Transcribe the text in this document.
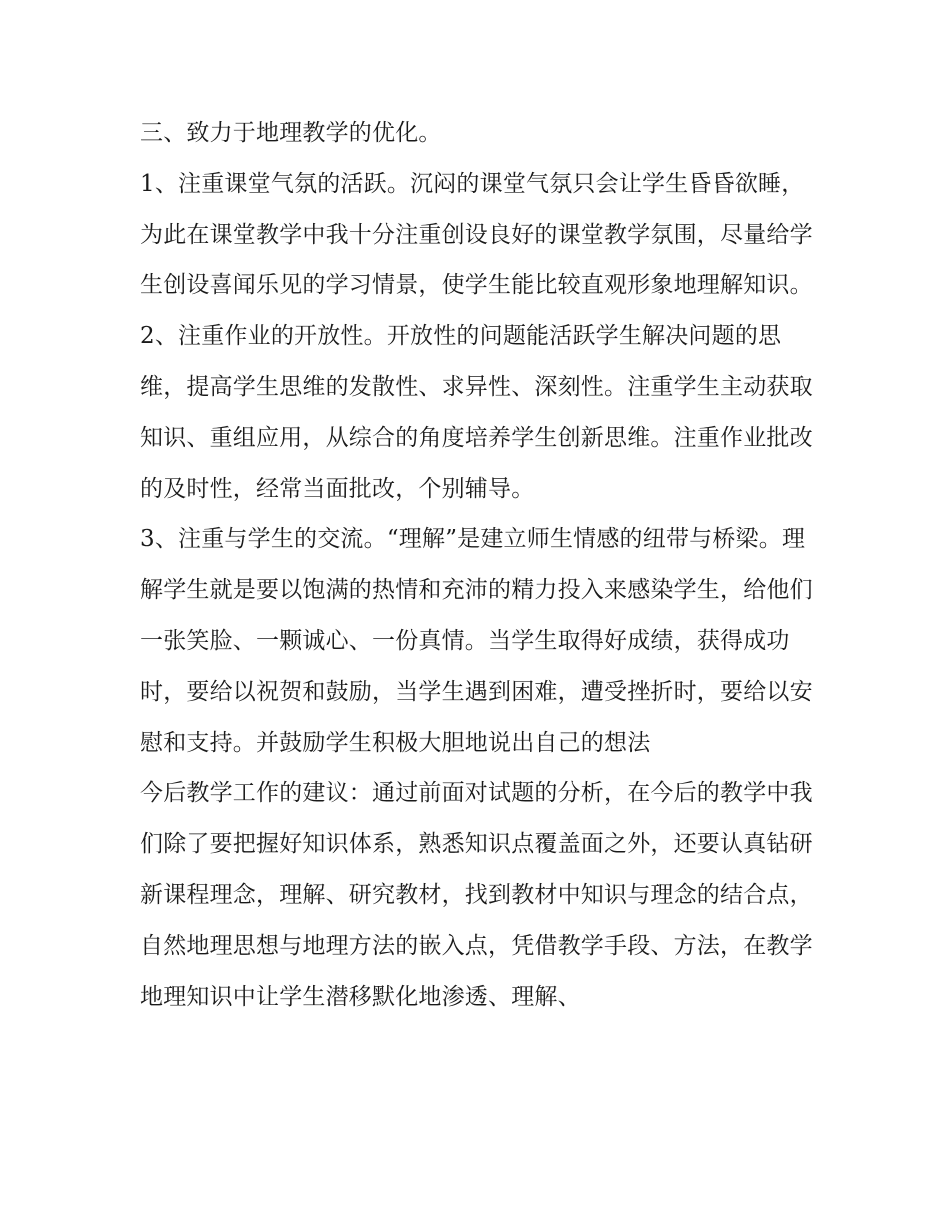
三、致力于地理教学的优化。

1、注重课堂气氛的活跃。沉闷的课堂气氛只会让学生昏昏欲睡，为此在课堂教学中我十分注重创设良好的课堂教学氛围，尽量给学生创设喜闻乐见的学习情景，使学生能比较直观形象地理解知识。

2、注重作业的开放性。开放性的问题能活跃学生解决问题的思维，提高学生思维的发散性、求异性、深刻性。注重学生主动获取知识、重组应用，从综合的角度培养学生创新思维。注重作业批改的及时性，经常当面批改，个别辅导。

3、注重与学生的交流。“理解”是建立师生情感的纽带与桥梁。理解学生就是要以饱满的热情和充沛的精力投入来感染学生，给他们一张笑脸、一颗诚心、一份真情。当学生取得好成绩，获得成功时，要给以祝贺和鼓励，当学生遇到困难，遭受挫折时，要给以安慰和支持。并鼓励学生积极大胆地说出自己的想法

今后教学工作的建议：通过前面对试题的分析，在今后的教学中我们除了要把握好知识体系，熟悉知识点覆盖面之外，还要认真钻研新课程理念，理解、研究教材，找到教材中知识与理念的结合点，自然地理思想与地理方法的嵌入点，凭借教学手段、方法，在教学地理知识中让学生潜移默化地渗透、理解、
